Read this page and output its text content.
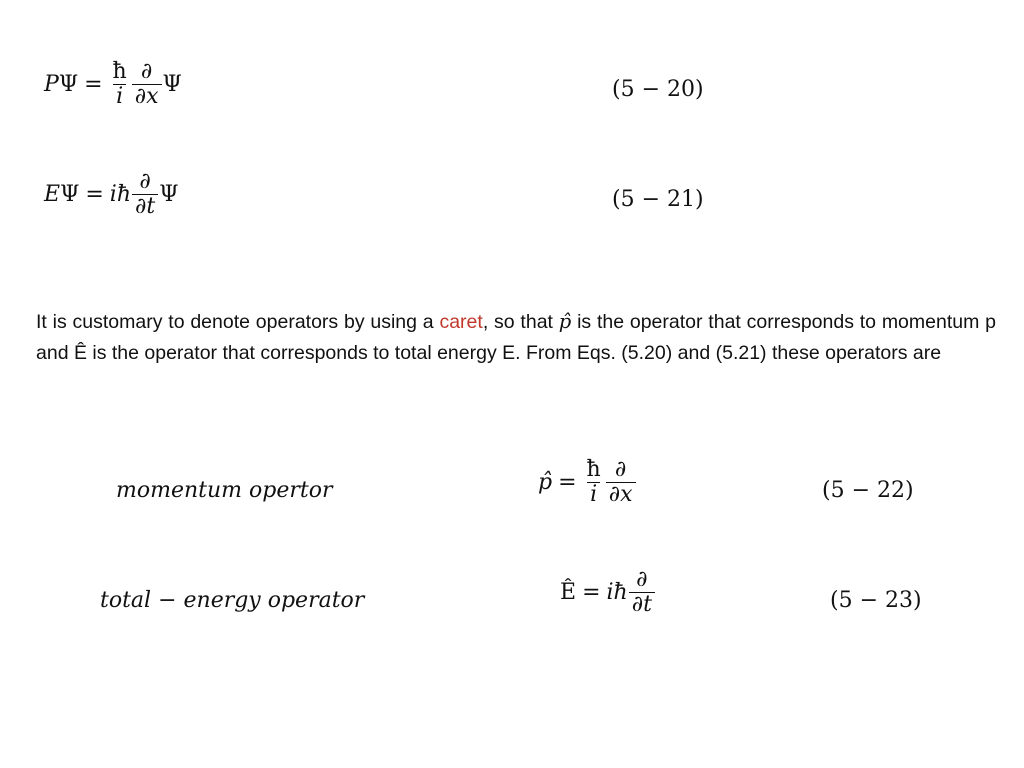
P $\Psi = \frac{ħ}{i} \frac{\partial}{\partial x}$ Ψ	(5 − 20)
E Ψ = iħ $\frac{\partial}{\partial t}$ Ψ	(5 − 21)
It is customary to denote operators by using a caret, so that p̂ is the operator that corresponds to momentum p and Ê is the operator that corresponds to total energy E. From Eqs. (5.20) and (5.21) these operators are
momentum opertor	p̂ = $\frac{ħ}{i} \frac{\partial}{\partial x}$	(5 − 22)
total − energy operator	Ê = iħ $\frac{\partial}{\partial t}$	(5 − 23)
